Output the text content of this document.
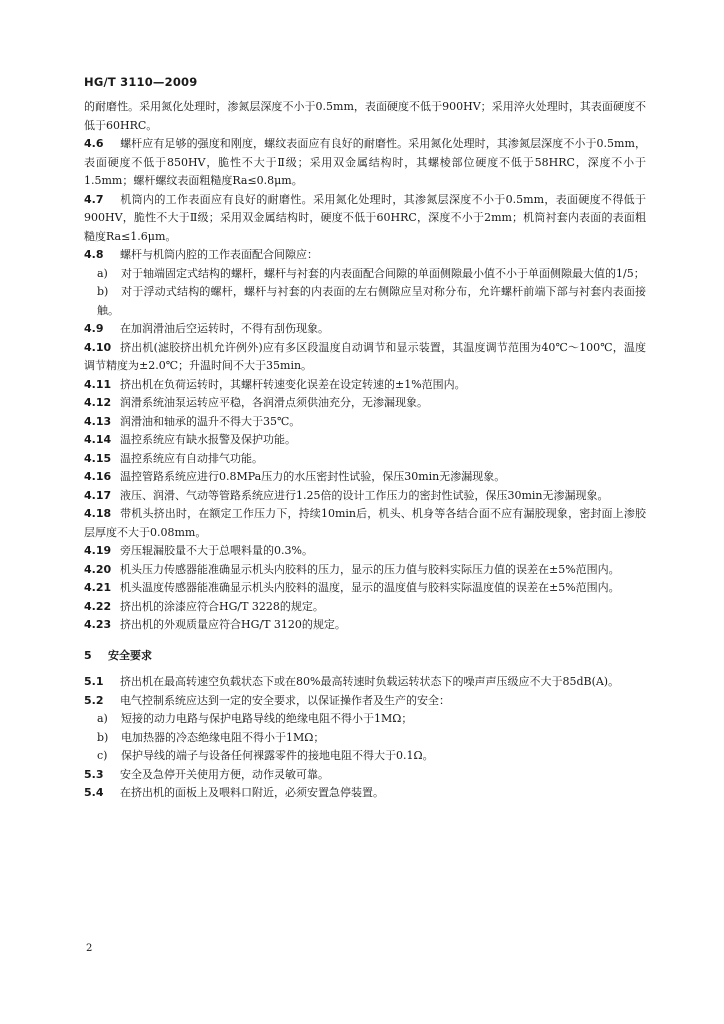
HG/T 3110—2009

的耐磨性。采用氮化处理时，渗氮层深度不小于0.5mm，表面硬度不低于900HV；采用淬火处理时，其表面硬度不低于60HRC。

4.6 螺杆应有足够的强度和刚度，螺纹表面应有良好的耐磨性。采用氮化处理时，其渗氮层深度不小于0.5mm，表面硬度不低于850HV，脆性不大于Ⅱ级；采用双金属结构时，其螺棱部位硬度不低于58HRC，深度不小于1.5mm；螺杆螺纹表面粗糙度Ra≤0.8μm。

4.7 机筒内的工作表面应有良好的耐磨性。采用氮化处理时，其渗氮层深度不小于0.5mm，表面硬度不得低于900HV，脆性不大于Ⅱ级；采用双金属结构时，硬度不低于60HRC，深度不小于2mm；机筒衬套内表面的表面粗糙度Ra≤1.6μm。

4.8 螺杆与机筒内腔的工作表面配合间隙应：

a) 对于轴端固定式结构的螺杆，螺杆与衬套的内表面配合间隙的单面侧隙最小值不小于单面侧隙最大值的1/5；

b) 对于浮动式结构的螺杆，螺杆与衬套的内表面的左右侧隙应呈对称分布，允许螺杆前端下部与衬套内表面接触。

4.9 在加润滑油后空运转时，不得有刮伤现象。

4.10 挤出机(滤胶挤出机允许例外)应有多区段温度自动调节和显示装置，其温度调节范围为40℃～100℃，温度调节精度为±2.0℃；升温时间不大于35min。

4.11 挤出机在负荷运转时，其螺杆转速变化误差在设定转速的±1%范围内。

4.12 润滑系统油泵运转应平稳，各润滑点须供油充分，无渗漏现象。

4.13 润滑油和轴承的温升不得大于35℃。

4.14 温控系统应有缺水报警及保护功能。

4.15 温控系统应有自动排气功能。

4.16 温控管路系统应进行0.8MPa压力的水压密封性试验，保压30min无渗漏现象。

4.17 液压、润滑、气动等管路系统应进行1.25倍的设计工作压力的密封性试验，保压30min无渗漏现象。

4.18 带机头挤出时，在额定工作压力下，持续10min后，机头、机身等各结合面不应有漏胶现象，密封面上渗胶层厚度不大于0.08mm。

4.19 旁压辊漏胶量不大于总喂料量的0.3%。

4.20 机头压力传感器能准确显示机头内胶料的压力，显示的压力值与胶料实际压力值的误差在±5%范围内。

4.21 机头温度传感器能准确显示机头内胶料的温度，显示的温度值与胶料实际温度值的误差在±5%范围内。

4.22 挤出机的涂漆应符合HG/T 3228的规定。

4.23 挤出机的外观质量应符合HG/T 3120的规定。

5 安全要求

5.1 挤出机在最高转速空负载状态下或在80%最高转速时负载运转状态下的噪声声压级应不大于85dB(A)。

5.2 电气控制系统应达到一定的安全要求，以保证操作者及生产的安全：

a) 短接的动力电路与保护电路导线的绝缘电阻不得小于1MΩ；

b) 电加热器的冷态绝缘电阻不得小于1MΩ；

c) 保护导线的端子与设备任何裸露零件的接地电阻不得大于0.1Ω。

5.3 安全及急停开关使用方便，动作灵敏可靠。

5.4 在挤出机的面板上及喂料口附近，必须安置急停装置。

2
